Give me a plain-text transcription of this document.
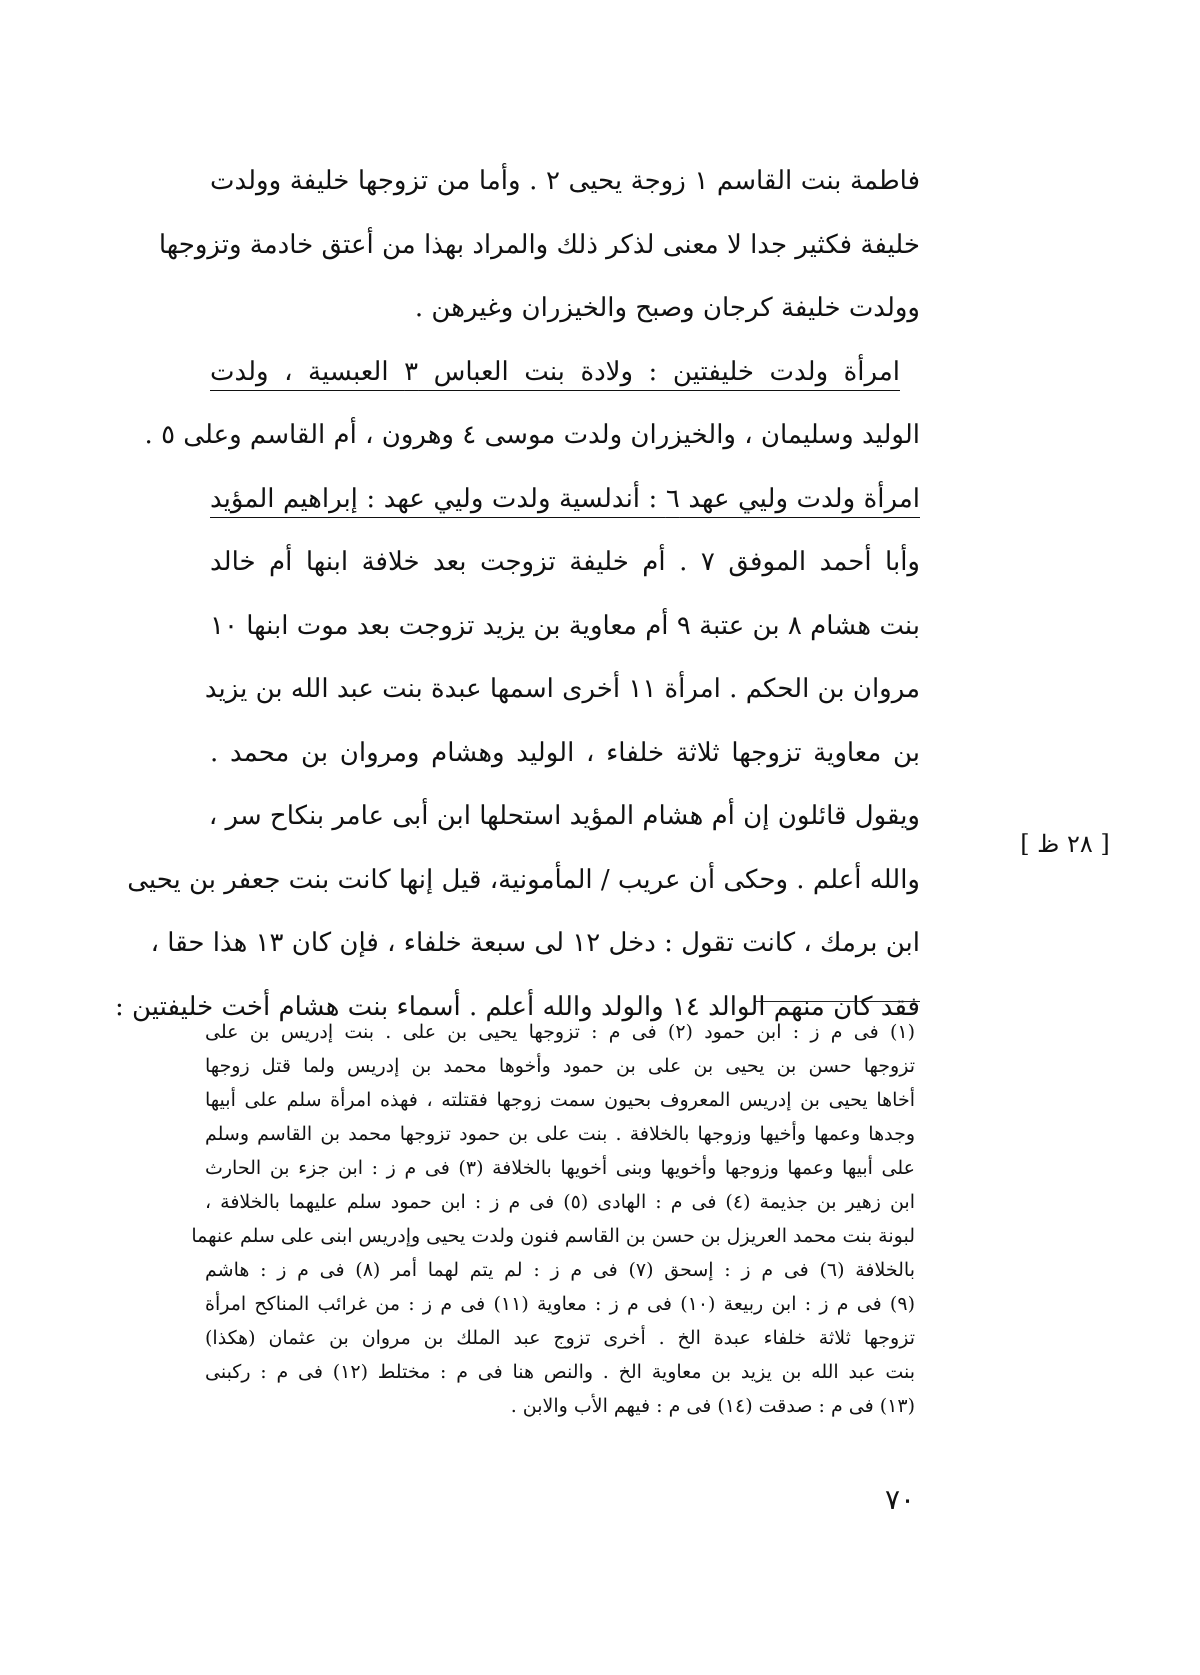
فاطمة بنت القاسم ١ زوجة يحيى ٢ . وأما من تزوجها خليفة وولدت
خليفة فكثير جدا لا معنى لذكر ذلك والمراد بهذا من أعتق خادمة وتزوجها
وولدت خليفة كرجان وصبح والخيزران وغيرهن .
امرأة ولدت خليفتين : ولادة بنت العباس ٣ العبسية ، ولدت
الوليد وسليمان ، والخيزران ولدت موسى ٤ وهرون ، أم القاسم وعلى ٥ .
امرأة ولدت وليي عهد ٦ : أندلسية ولدت وليي عهد : إبراهيم المؤيد
وأبا أحمد الموفق ٧ . أم خليفة تزوجت بعد خلافة ابنها أم خالد
بنت هشام ٨ بن عتبة ٩ أم معاوية بن يزيد تزوجت بعد موت ابنها ١٠
مروان بن الحكم . امرأة ١١ أخرى اسمها عبدة بنت عبد الله بن يزيد
بن معاوية تزوجها ثلاثة خلفاء ، الوليد وهشام ومروان بن محمد .
ويقول قائلون إن أم هشام المؤيد استحلها ابن أبى عامر بنكاح سر ،
والله أعلم . وحكى أن عريب / المأمونية، قيل إنها كانت بنت جعفر بن يحيى
ابن برمك ، كانت تقول : دخل ١٢ لى سبعة خلفاء ، فإن كان ١٣ هذا حقا ،
فقد كان منهم الوالد ١٤ والولد والله أعلم . أسماء بنت هشام أخت خليفتين :
[ ٢٨ ظ ]
(١) فى م ز : ابن حمود (٢) فى م : تزوجها يحيى بن على . بنت إدريس بن على
تزوجها حسن بن يحيى بن على بن حمود وأخوها محمد بن إدريس ولما قتل زوجها
أخاها يحيى بن إدريس المعروف بحيون سمت زوجها فقتلته ، فهذه امرأة سلم على أبيها
وجدها وعمها وأخيها وزوجها بالخلافة . بنت على بن حمود تزوجها محمد بن القاسم وسلم
على أبيها وعمها وزوجها وأخويها وبنى أخويها بالخلافة (٣) فى م ز : ابن جزء بن الحارث
ابن زهير بن جذيمة (٤) فى م : الهادى (٥) فى م ز : ابن حمود سلم عليهما بالخلافة ،
لبونة بنت محمد العريزل بن حسن بن القاسم فنون ولدت يحيى وإدريس ابنى على سلم عنهما
بالخلافة (٦) فى م ز : إسحق (٧) فى م ز : لم يتم لهما أمر (٨) فى م ز : هاشم
(٩) فى م ز : ابن ربيعة (١٠) فى م ز : معاوية (١١) فى م ز : من غرائب المناكح امرأة
تزوجها ثلاثة خلفاء عبدة الخ . أخرى تزوج عبد الملك بن مروان بن عثمان (هكذا)
بنت عبد الله بن يزيد بن معاوية الخ . والنص هنا فى م : مختلط (١٢) فى م : ركبنى
(١٣) فى م : صدقت (١٤) فى م : فيهم الأب والابن .
٧٠
